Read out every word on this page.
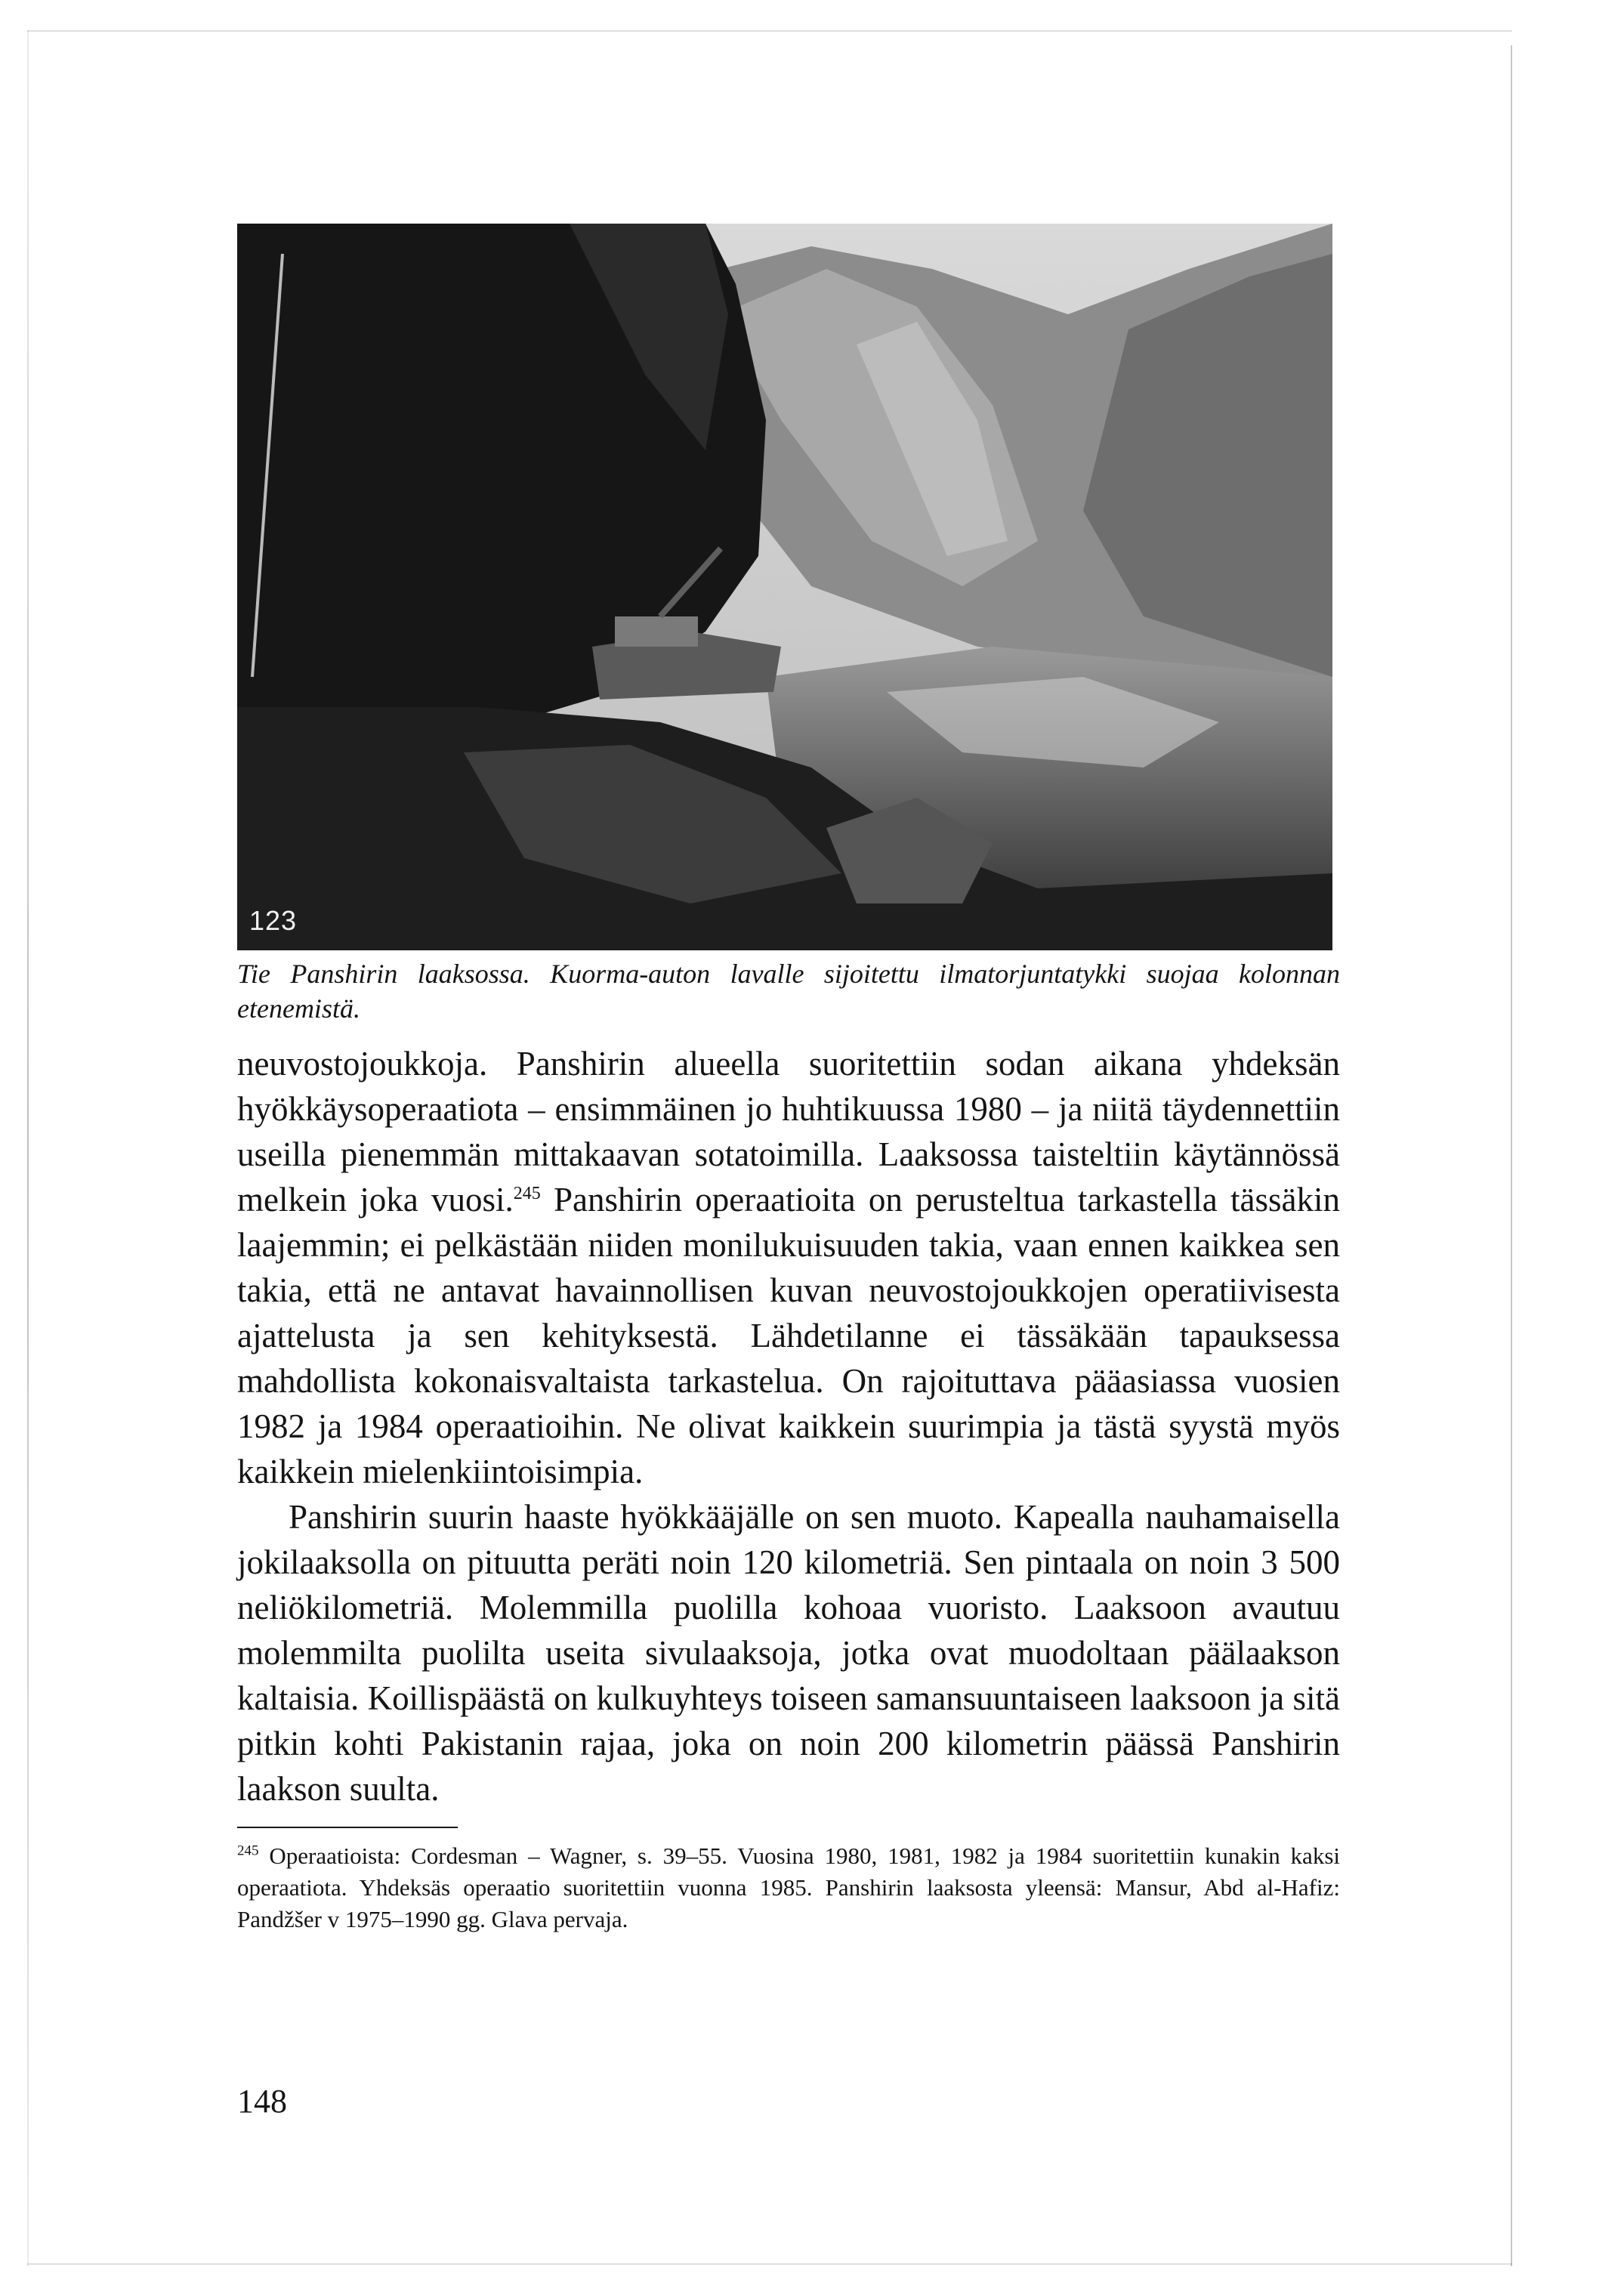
123
Tie Panshirin laaksossa. Kuorma-auton lavalle sijoitettu ilmatorjuntatykki suojaa kolonnan etenemistä.

neuvostojoukkoja. Panshirin alueella suoritettiin sodan aikana yhdeksän hyökkäysoperaatiota – ensimmäinen jo huhtikuussa 1980 – ja niitä täydennettiin useilla pienemmän mittakaavan sotatoimilla. Laaksossa taisteltiin käytännössä melkein joka vuosi.$^{245}$ Panshirin operaatioita on perusteltua tarkastella tässäkin laajemmin; ei pelkästään niiden monilukuisuuden takia, vaan ennen kaikkea sen takia, että ne antavat havainnollisen kuvan neuvostojoukkojen operatiivisesta ajattelusta ja sen kehityksestä. Lähdetilanne ei tässäkään tapauksessa mahdollista kokonaisvaltaista tarkastelua. On rajoituttava pääasiassa vuosien 1982 ja 1984 operaatioihin. Ne olivat kaikkein suurimpia ja tästä syystä myös kaikkein mielenkiintoisimpia.

Panshirin suurin haaste hyökkääjälle on sen muoto. Kapealla nauhamaisella jokilaaksolla on pituutta peräti noin 120 kilometriä. Sen pintaala on noin 3 500 neliökilometriä. Molemmilla puolilla kohoaa vuoristo. Laaksoon avautuu molemmilta puolilta useita sivulaaksoja, jotka ovat muodoltaan päälaakson kaltaisia. Koillispäästä on kulkuyhteys toiseen samansuuntaiseen laaksoon ja sitä pitkin kohti Pakistanin rajaa, joka on noin 200 kilometrin päässä Panshirin laakson suulta.

$^{245}$ Operaatioista: Cordesman – Wagner, s. 39–55. Vuosina 1980, 1981, 1982 ja 1984 suoritettiin kunakin kaksi operaatiota. Yhdeksäs operaatio suoritettiin vuonna 1985. Panshirin laaksosta yleensä: Mansur, Abd al-Hafiz: Pandžšer v 1975–1990 gg. Glava pervaja.
148
